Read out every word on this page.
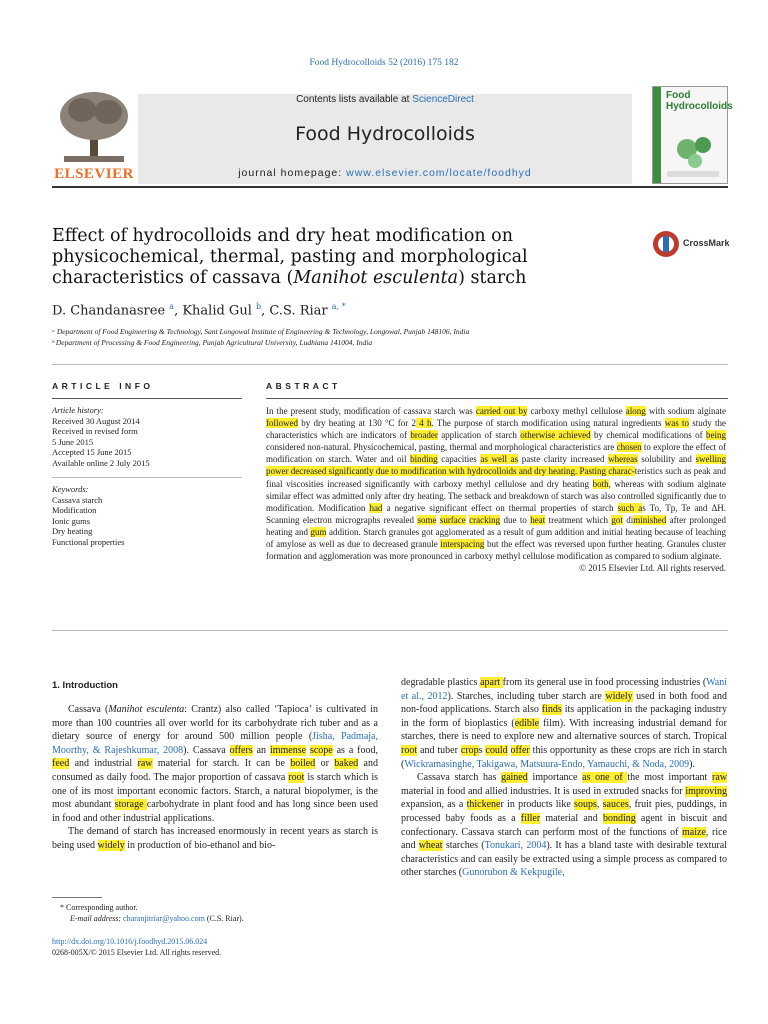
Food Hydrocolloids 52 (2016) 175 182
ELSEVIER
Contents lists available at ScienceDirect
Food Hydrocolloids
journal homepage: www.elsevier.com/locate/foodhyd
Food Hydrocolloids
Effect of hydrocolloids and dry heat modification on physicochemical, thermal, pasting and morphological characteristics of cassava (Manihot esculenta) starch
CrossMark
D. Chandanasree $^a$, Khalid Gul $^b$, C.S. Riar $^{a, *}$
ᵃ Department of Food Engineering & Technology, Sant Longowal Institute of Engineering & Technology, Longowal, Punjab 148106, India
ᵇ Department of Processing & Food Engineering, Punjab Agricultural University, Ludhiana 141004, India
ARTICLE INFO	ABSTRACT
Article history:
Received 30 August 2014
Received in revised form
5 June 2015
Accepted 15 June 2015
Available online 2 July 2015
Keywords:
Cassava starch
Modification
Ionic gums
Dry heating
Functional properties
In the present study, modification of cassava starch was carried out by carboxy methyl cellulose along with sodium alginate followed by dry heating at 130 °C for 2 4 h. The purpose of starch modification using natural ingredients was to study the characteristics which are indicators of broader application of starch otherwise achieved by chemical modifications of being considered non-natural. Physicochemical, pasting, thermal and morphological characteristics are chosen to explore the effect of modification on starch. Water and oil binding capacities as well as paste clarity increased whereas solubility and swelling power decreased significantly due to modification with hydrocolloids and dry heating. Pasting charac-teristics such as peak and final viscosities increased significantly with carboxy methyl cellulose and dry heating both, whereas with sodium alginate similar effect was admitted only after dry heating. The setback and breakdown of starch was also controlled significantly due to modification. Modification had a negative significant effect on thermal properties of starch such as To, Tp, Te and ΔH. Scanning electron micrographs revealed some surface cracking due to heat treatment which got diminished after prolonged heating and gum addition. Starch granules got agglomerated as a result of gum addition and initial heating because of leaching of amylose as well as due to decreased granule interspacing but the effect was reversed upon further heating. Granules cluster formation and agglomeration was more pronounced in carboxy methyl cellulose modification as compared to sodium alginate.
© 2015 Elsevier Ltd. All rights reserved.
1. Introduction

Cassava (Manihot esculenta: Crantz) also called ‘Tapioca’ is cultivated in more than 100 countries all over world for its carbohydrate rich tuber and as a dietary source of energy for around 500 million people (Jisha, Padmaja, Moorthy, & Rajeshkumar, 2008). Cassava offers an immense scope as a food, feed and industrial raw material for starch. It can be boiled or baked and consumed as daily food. The major proportion of cassava root is starch which is one of its most important economic factors. Starch, a natural biopolymer, is the most abundant storage carbohydrate in plant food and has long since been used in food and other industrial applications.

The demand of starch has increased enormously in recent years as starch is being used widely in production of bio-ethanol and bio-

degradable plastics apart from its general use in food processing industries (Wani et al., 2012). Starches, including tuber starch are widely used in both food and non-food applications. Starch also finds its application in the packaging industry in the form of bioplastics (edible film). With increasing industrial demand for starches, there is need to explore new and alternative sources of starch. Tropical root and tuber crops could offer this opportunity as these crops are rich in starch (Wickramasinghe, Takigawa, Matsuura-Endo, Yamauchi, & Noda, 2009).

Cassava starch has gained importance as one of the most important raw material in food and allied industries. It is used in extruded snacks for improving expansion, as a thickener in products like soups, sauces, fruit pies, puddings, in processed baby foods as a filler material and bonding agent in biscuit and confectionary. Cassava starch can perform most of the functions of maize, rice and wheat starches (Tonukari, 2004). It has a bland taste with desirable textural characteristics and can easily be extracted using a simple process as compared to other starches (Gunorubon & Kekpugile,

* Corresponding author.
E-mail address: charanjitriar@yahoo.com (C.S. Riar).
http://dx.doi.org/10.1016/j.foodhyd.2015.06.024
0268-005X/© 2015 Elsevier Ltd. All rights reserved.
